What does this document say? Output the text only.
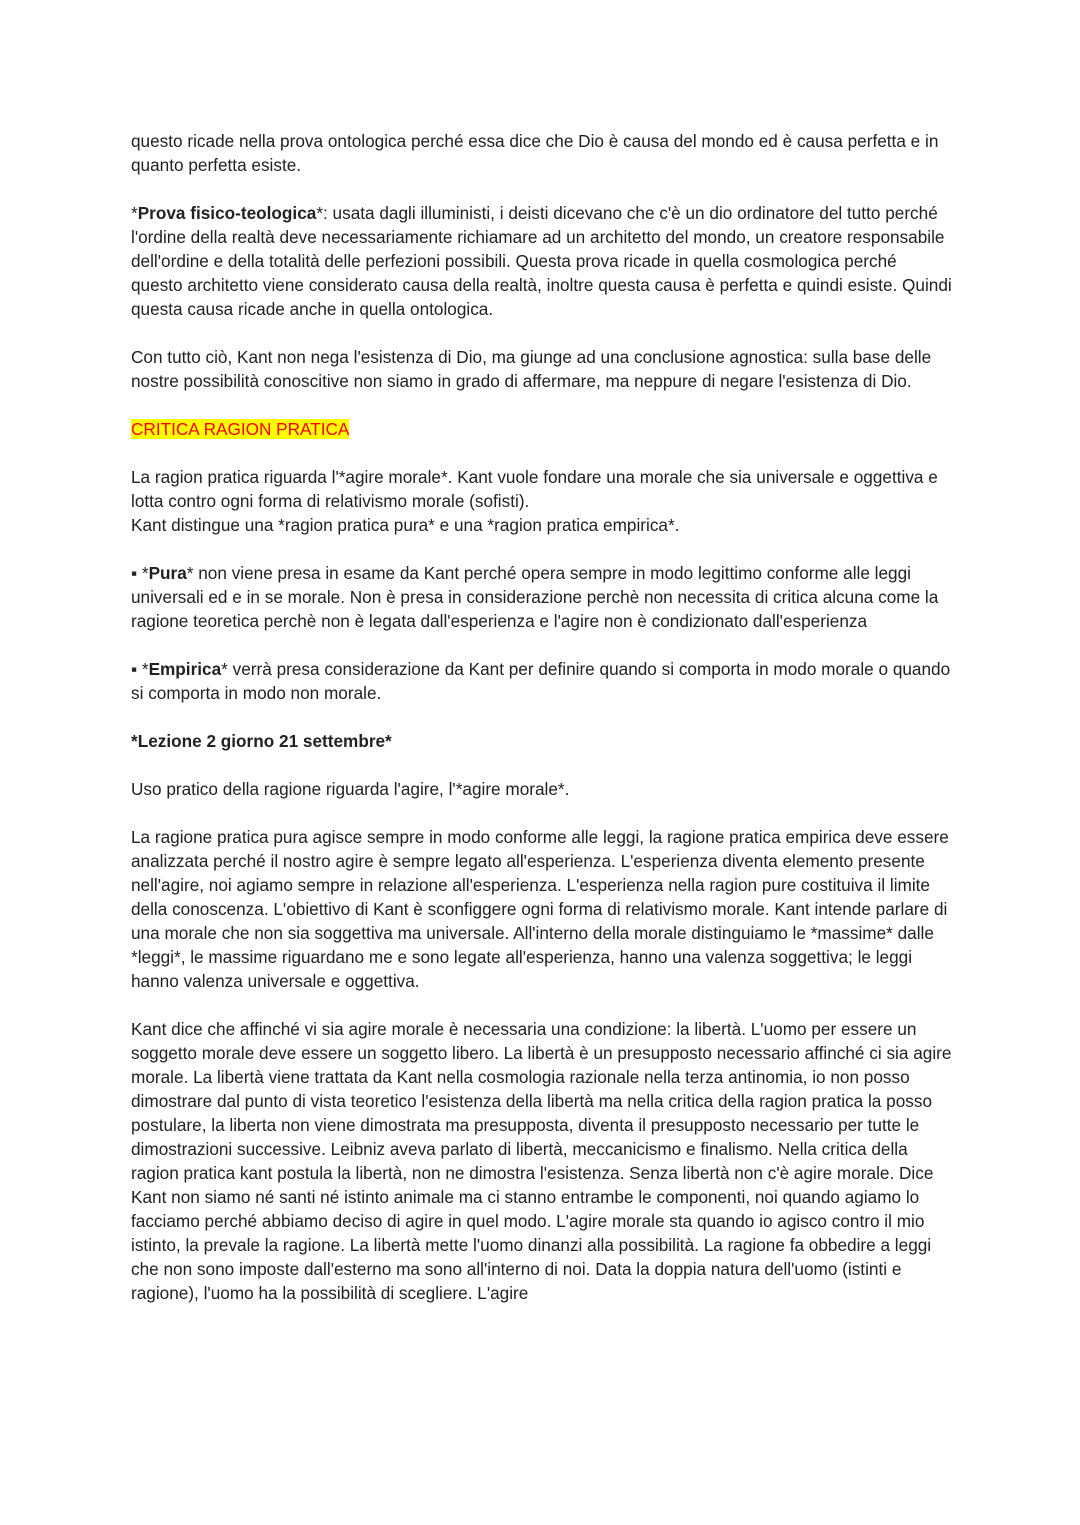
questo ricade nella prova ontologica perché essa dice che Dio è causa del mondo ed è causa perfetta e in quanto perfetta esiste.

*Prova fisico-teologica*: usata dagli illuministi, i deisti dicevano che c'è un dio ordinatore del tutto perché l'ordine della realtà deve necessariamente richiamare ad un architetto del mondo, un creatore responsabile dell'ordine e della totalità delle perfezioni possibili. Questa prova ricade in quella cosmologica perché questo architetto viene considerato causa della realtà, inoltre questa causa è perfetta e quindi esiste. Quindi questa causa ricade anche in quella ontologica.

Con tutto ciò, Kant non nega l'esistenza di Dio, ma giunge ad una conclusione agnostica: sulla base delle nostre possibilità conoscitive non siamo in grado di affermare, ma neppure di negare l'esistenza di Dio.

CRITICA RAGION PRATICA

La ragion pratica riguarda l'*agire morale*. Kant vuole fondare una morale che sia universale e oggettiva e lotta contro ogni forma di relativismo morale (sofisti).

Kant distingue una *ragion pratica pura* e una *ragion pratica empirica*.

▪ *Pura* non viene presa in esame da Kant perché opera sempre in modo legittimo conforme alle leggi universali ed e in se morale. Non è presa in considerazione perchè non necessita di critica alcuna come la ragione teoretica perchè non è legata dall'esperienza e l'agire non è condizionato dall'esperienza

▪ *Empirica* verrà presa considerazione da Kant per definire quando si comporta in modo morale o quando si comporta in modo non morale.

*Lezione 2 giorno 21 settembre*

Uso pratico della ragione riguarda l'agire, l'*agire morale*.

La ragione pratica pura agisce sempre in modo conforme alle leggi, la ragione pratica empirica deve essere analizzata perché il nostro agire è sempre legato all'esperienza. L'esperienza diventa elemento presente nell'agire, noi agiamo sempre in relazione all'esperienza. L'esperienza nella ragion pure costituiva il limite della conoscenza. L'obiettivo di Kant è sconfiggere ogni forma di relativismo morale. Kant intende parlare di una morale che non sia soggettiva ma universale. All'interno della morale distinguiamo le *massime* dalle *leggi*, le massime riguardano me e sono legate all'esperienza, hanno una valenza soggettiva; le leggi hanno valenza universale e oggettiva.

Kant dice che affinché vi sia agire morale è necessaria una condizione: la libertà. L'uomo per essere un soggetto morale deve essere un soggetto libero. La libertà è un presupposto necessario affinché ci sia agire morale. La libertà viene trattata da Kant nella cosmologia razionale nella terza antinomia, io non posso dimostrare dal punto di vista teoretico l'esistenza della libertà ma nella critica della ragion pratica la posso postulare, la liberta non viene dimostrata ma presupposta, diventa il presupposto necessario per tutte le dimostrazioni successive. Leibniz aveva parlato di libertà, meccanicismo e finalismo. Nella critica della ragion pratica kant postula la libertà, non ne dimostra l'esistenza. Senza libertà non c'è agire morale. Dice Kant non siamo né santi né istinto animale ma ci stanno entrambe le componenti, noi quando agiamo lo facciamo perché abbiamo deciso di agire in quel modo. L'agire morale sta quando io agisco contro il mio istinto, la prevale la ragione. La libertà mette l'uomo dinanzi alla possibilità. La ragione fa obbedire a leggi che non sono imposte dall'esterno ma sono all'interno di noi. Data la doppia natura dell'uomo (istinti e ragione), l'uomo ha la possibilità di scegliere. L'agire
